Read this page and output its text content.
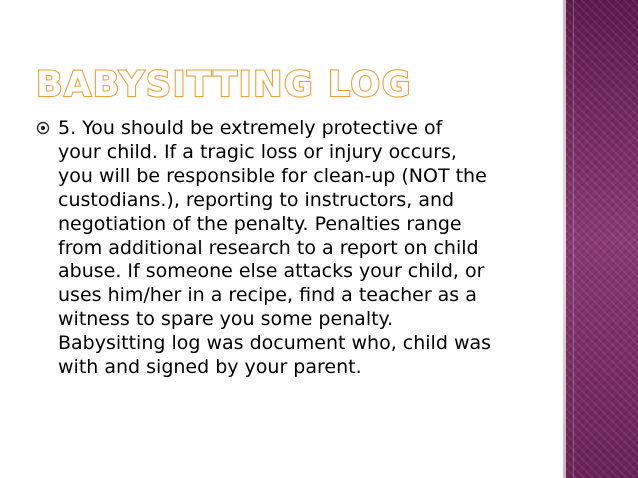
BABYSITTING LOG

5. You should be extremely protective of
your child. If a tragic loss or injury occurs,
you will be responsible for clean-up (NOT the
custodians.), reporting to instructors, and
negotiation of the penalty. Penalties range
from additional research to a report on child
abuse. If someone else attacks your child, or
uses him/her in a recipe, find a teacher as a
witness to spare you some penalty.
Babysitting log was document who, child was
with and signed by your parent.
